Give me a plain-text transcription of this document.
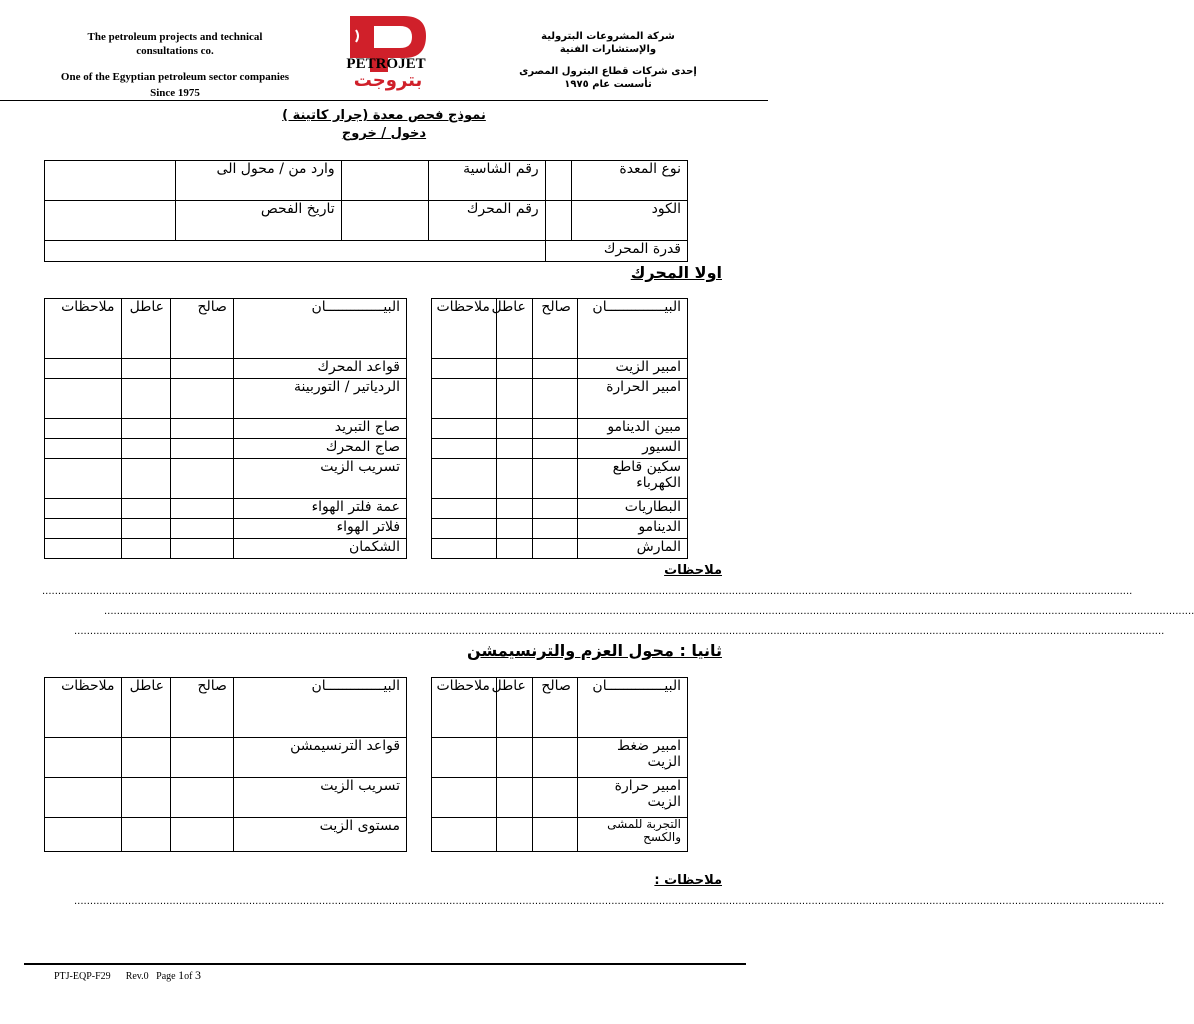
The petroleum projects and technical
consultations co.
One of the Egyptian petroleum sector companies
Since 1975
PETROJET
بتروجت
شركة المشروعات البترولية
والإستشارات الفنية
إحدى شركات قطاع البترول المصرى
تأسست عام ١٩٧٥
نموذج فحص معدة (جرار كاتينة )
دخول / خروج
نوع المعدة		رقم الشاسية		وارد من / محول الى	
الكود		رقم المحرك		تاريخ الفحص	
قدرة المحرك					
اولا المحرك
البيــــــــــــــان	صالح	عاطل	ملاحظات		البيــــــــــــــان	صالح	عاطل	ملاحظات
امبير الزيت					قواعد المحرك			
امبير الحرارة					الردياتير / التوربينة			
مبين الدينامو					صاج التبريد			
السيور					صاج المحرك			
سكين قاطع الكهرباء					تسريب الزيت			
البطاريات					عمة فلتر الهواء			
الدينامو					فلاتر الهواء			
المارش					الشكمان			
ملاحظات
.......................................................................................................................................................................................................................................................................................................................................................
.......................................................................................................................................................................................................................................................................................................................................................
.......................................................................................................................................................................................................................................................................................................................................................
ثانيا : محول العزم والترنسيمشن
البيــــــــــــــان	صالح	عاطل	ملاحظات		البيــــــــــــــان	صالح	عاطل	ملاحظات
امبير ضغط الزيت					قواعد الترنسيمشن			
امبير حرارة الزيت					تسريب الزيت			
التجربة للمشى والكسح					مستوى الزيت			
ملاحظات :
.......................................................................................................................................................................................................................................................................................................................................................
PTJ-EQP-F29 Rev.0 Page 1of 3
